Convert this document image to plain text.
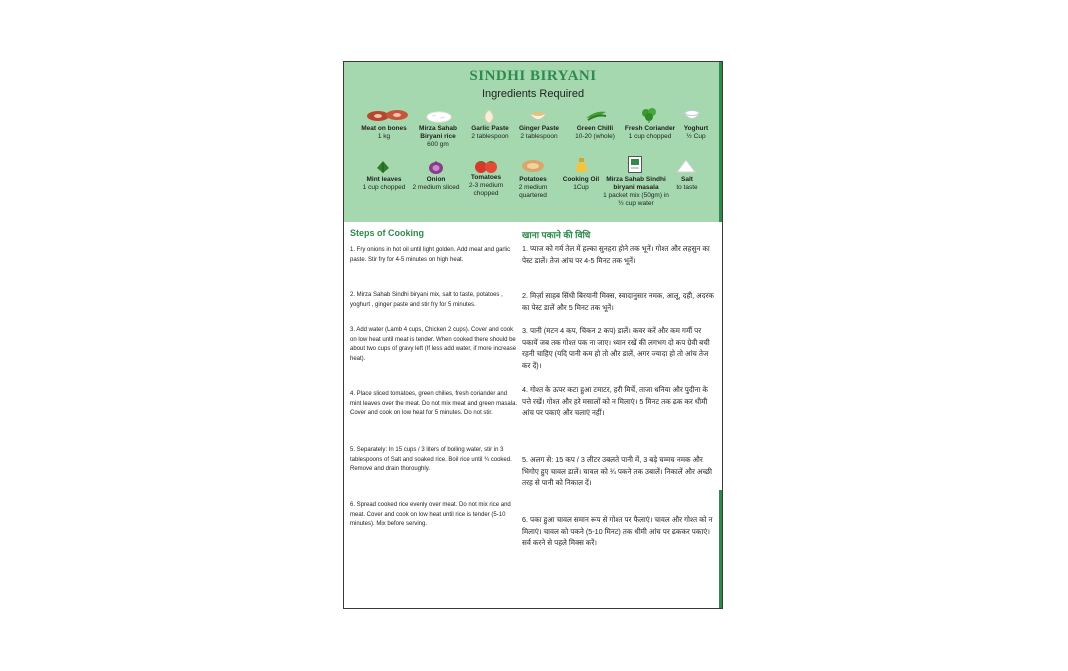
SINDHI BIRYANI
Ingredients Required
Meat on bones
1 kg
Mirza Sahab Biryani rice
600 gm
Garlic Paste
2 tablespoon
Ginger Paste
2 tablespoon
Green Chilli
10-20 (whole)
Fresh Coriander
1 cup chopped
Yoghurt
½ Cup
Mint leaves
1 cup chopped
Onion
2 medium sliced
Tomatoes
2-3 medium chopped
Potatoes
2 medium quartered
Cooking Oil
1Cup
Mirza Sahab Sindhi biryani masala
1 packet mix (50gm) in ½ cup water
Salt
to taste
Steps of Cooking
1. Fry onions in hot oil until light golden. Add meat and garlic paste. Stir fry for 4-5 minutes on high heat.
2. Mirza Sahab Sindhi biryani mix, salt to taste, potatoes , yoghurt , ginger paste and stir fry for 5 minutes.
3. Add water (Lamb 4 cups, Chicken 2 cups). Cover and cook on low heat until meat is tender. When cooked there should be about two cups of gravy left (If less add water, if more increase heat).
4. Place sliced tomatoes, green chilies, fresh coriander and mint leaves over the meat. Do not mix meat and green masala. Cover and cook on low heat for 5 minutes. Do not stir.
5. Separately: In 15 cups / 3 liters of boiling water, stir in 3 tablespoons of Salt and soaked rice. Boil rice until ¾ cooked. Remove and drain thoroughly.
6. Spread cooked rice evenly over meat. Do not mix rice and meat. Cover and cook on low heat until rice is tender (5-10 minutes). Mix before serving.
खाना पकाने की विधि
1. प्याज को गर्म तेल में हल्का सुनहरा होने तक भूनें। गोश्त और लहसुन का पेस्ट डालें। तेज आंच पर 4-5 मिनट तक भूनें।
2. मिर्ज़ा साहब सिंधी बिरयानी मिक्स, स्वादानुसार नमक, आलू, दही, अदरक का पेस्ट डालें और 5 मिनट तक भूनें।
3. पानी (मटन 4 कप, चिकन 2 कप) डालें। कवर करें और कम गर्मी पर पकायें जब तक गोश्त पक ना जाए। ध्यान रखें की लगभग दो कप ग्रेवी बची रहनी चाहिए (यदि पानी कम हो तो और डालें, अगर ज्यादा हो तो आंच तेज कर दें)।
4. गोश्त के ऊपर कटा हुआ टमाटर, हरी मिर्चे, ताजा धनिया और पुदीना के पत्ते रखें। गोश्त और हरे मसालों को न मिलाएं। 5 मिनट तक ढक कर धीमी आंच पर पकाएं और चलाएं नहीं।
5. अलग से: 15 कप / 3 लीटर उबलते पानी में, 3 बड़े चम्मच नमक और भिगोए हुए चावल डालें। चावल को ¾ पकने तक उबालें। निकालें और अच्छी तरह से पानी को निकाल दें।
6. पका हुआ चावल समान रूप से गोश्त पर फैलाएं। चावल और गोश्त को न मिलाएं। चावल को पकने (5-10 मिनट) तक धीमी आंच पर ढककर पकाएं। सर्व करने से पहले मिक्स करें।
